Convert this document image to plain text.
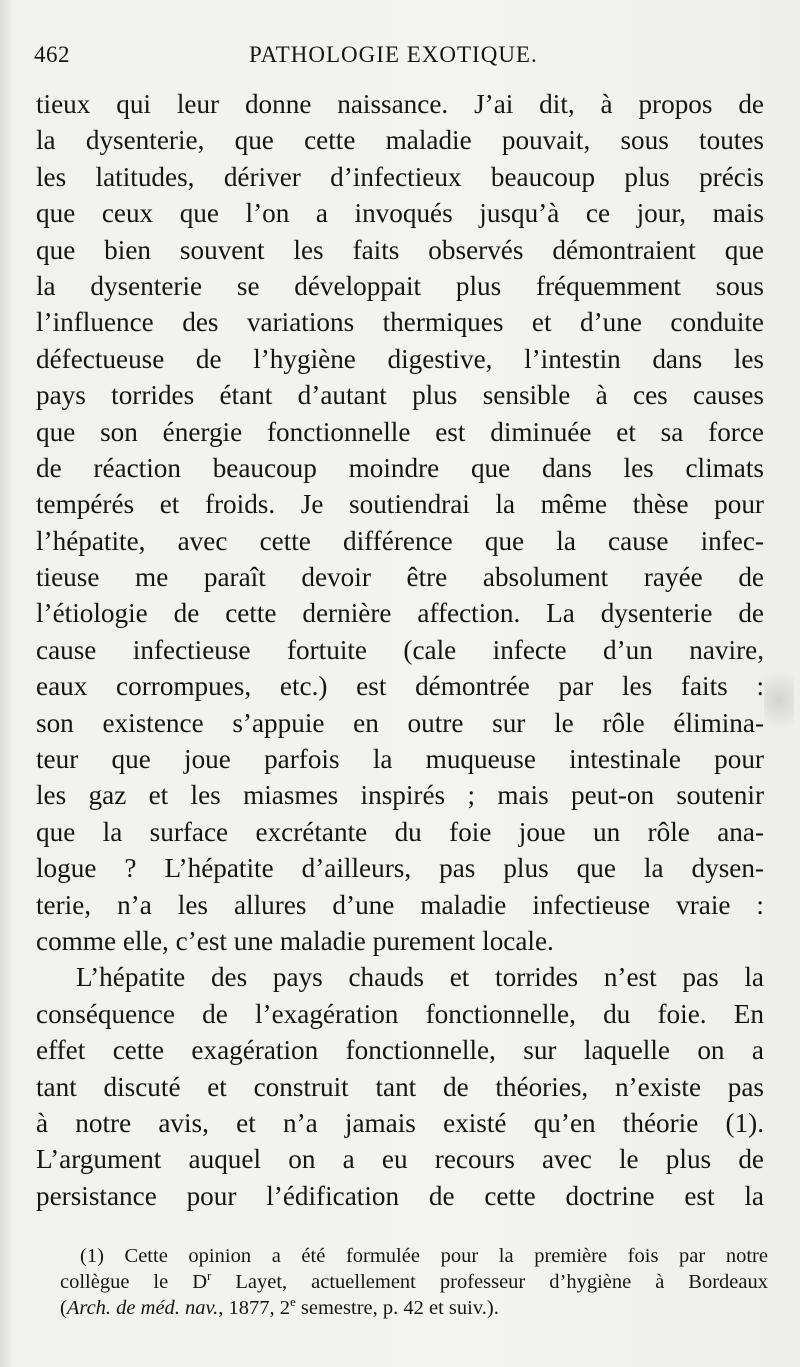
462	PATHOLOGIE EXOTIQUE.

tieux qui leur donne naissance. J’ai dit, à propos de
la dysenterie, que cette maladie pouvait, sous toutes
les latitudes, dériver d’infectieux beaucoup plus précis
que ceux que l’on a invoqués jusqu’à ce jour, mais
que bien souvent les faits observés démontraient que
la dysenterie se développait plus fréquemment sous
l’influence des variations thermiques et d’une conduite
défectueuse de l’hygiène digestive, l’intestin dans les
pays torrides étant d’autant plus sensible à ces causes
que son énergie fonctionnelle est diminuée et sa force
de réaction beaucoup moindre que dans les climats
tempérés et froids. Je soutiendrai la même thèse pour
l’hépatite, avec cette différence que la cause infec-
tieuse me paraît devoir être absolument rayée de
l’étiologie de cette dernière affection. La dysenterie de
cause infectieuse fortuite (cale infecte d’un navire,
eaux corrompues, etc.) est démontrée par les faits :
son existence s’appuie en outre sur le rôle élimina-
teur que joue parfois la muqueuse intestinale pour
les gaz et les miasmes inspirés ; mais peut-on soutenir
que la surface excrétante du foie joue un rôle ana-
logue ? L’hépatite d’ailleurs, pas plus que la dysen-
terie, n’a les allures d’une maladie infectieuse vraie :
comme elle, c’est une maladie purement locale.

L’hépatite des pays chauds et torrides n’est pas la
conséquence de l’exagération fonctionnelle, du foie. En
effet cette exagération fonctionnelle, sur laquelle on a
tant discuté et construit tant de théories, n’existe pas
à notre avis, et n’a jamais existé qu’en théorie (1).
L’argument auquel on a eu recours avec le plus de
persistance pour l’édification de cette doctrine est la

(1) Cette opinion a été formulée pour la première fois par notre
collègue le $D^r$ Layet, actuellement professeur d’hygiène à Bordeaux
(Arch. de méd. nav., 1877, 2e semestre, p. 42 et suiv.).
